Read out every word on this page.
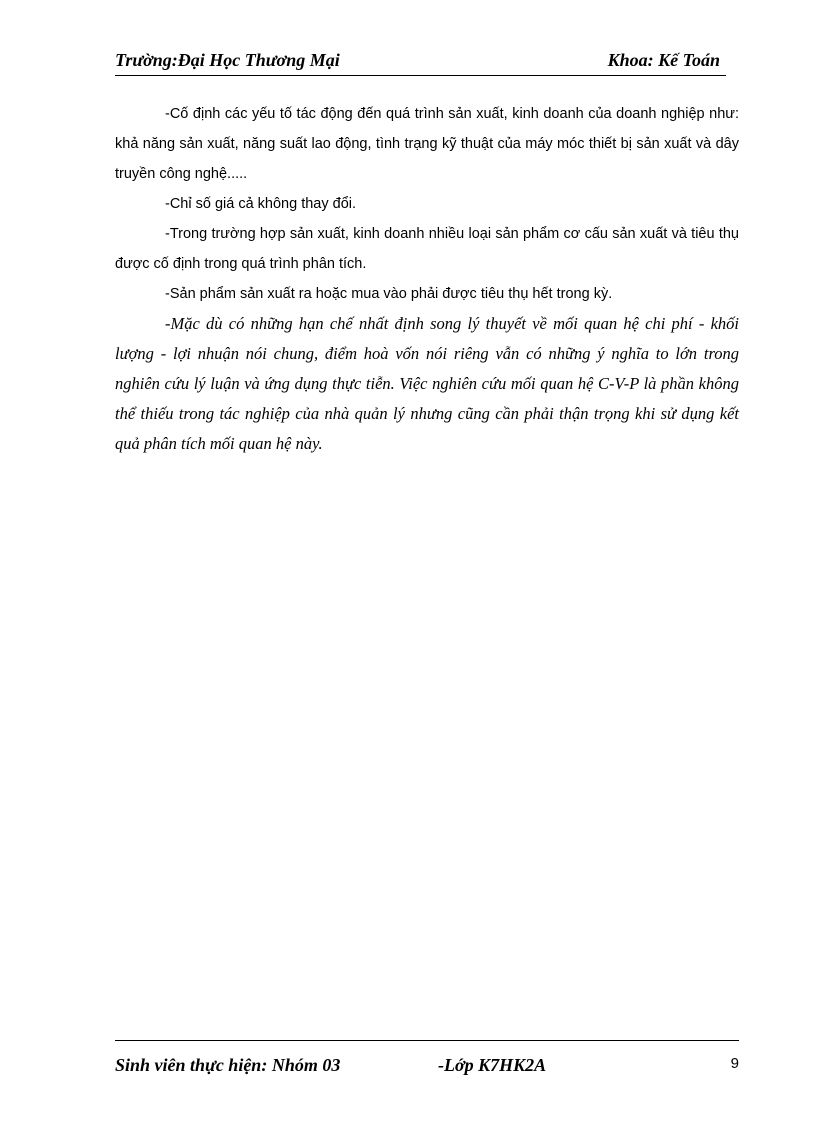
Trường:Đại Học Thương Mại	Khoa: Kế Toán

-Cố định các yếu tố tác động đến quá trình sản xuất, kinh doanh của doanh nghiệp như: khả năng sản xuất, năng suất lao động, tình trạng kỹ thuật của máy móc thiết bị sản xuất và dây truyền công nghệ.....

-Chỉ số giá cả không thay đổi.

-Trong trường hợp sản xuất, kinh doanh nhiều loại sản phẩm cơ cấu sản xuất và tiêu thụ được cố định trong quá trình phân tích.

-Sản phẩm sản xuất ra hoặc mua vào phải được tiêu thụ hết trong kỳ.

-Mặc dù có những hạn chế nhất định song lý thuyết về mối quan hệ chi phí - khối lượng - lợi nhuận nói chung, điểm hoà vốn nói riêng vẫn có những ý nghĩa to lớn trong nghiên cứu lý luận và ứng dụng thực tiễn. Việc nghiên cứu mối quan hệ C-V-P là phần không thể thiếu trong tác nghiệp của nhà quản lý nhưng cũng cần phải thận trọng khi sử dụng kết quả phân tích mối quan hệ này.

Sinh viên thực hiện: Nhóm 03	-Lớp K7HK2A	9
